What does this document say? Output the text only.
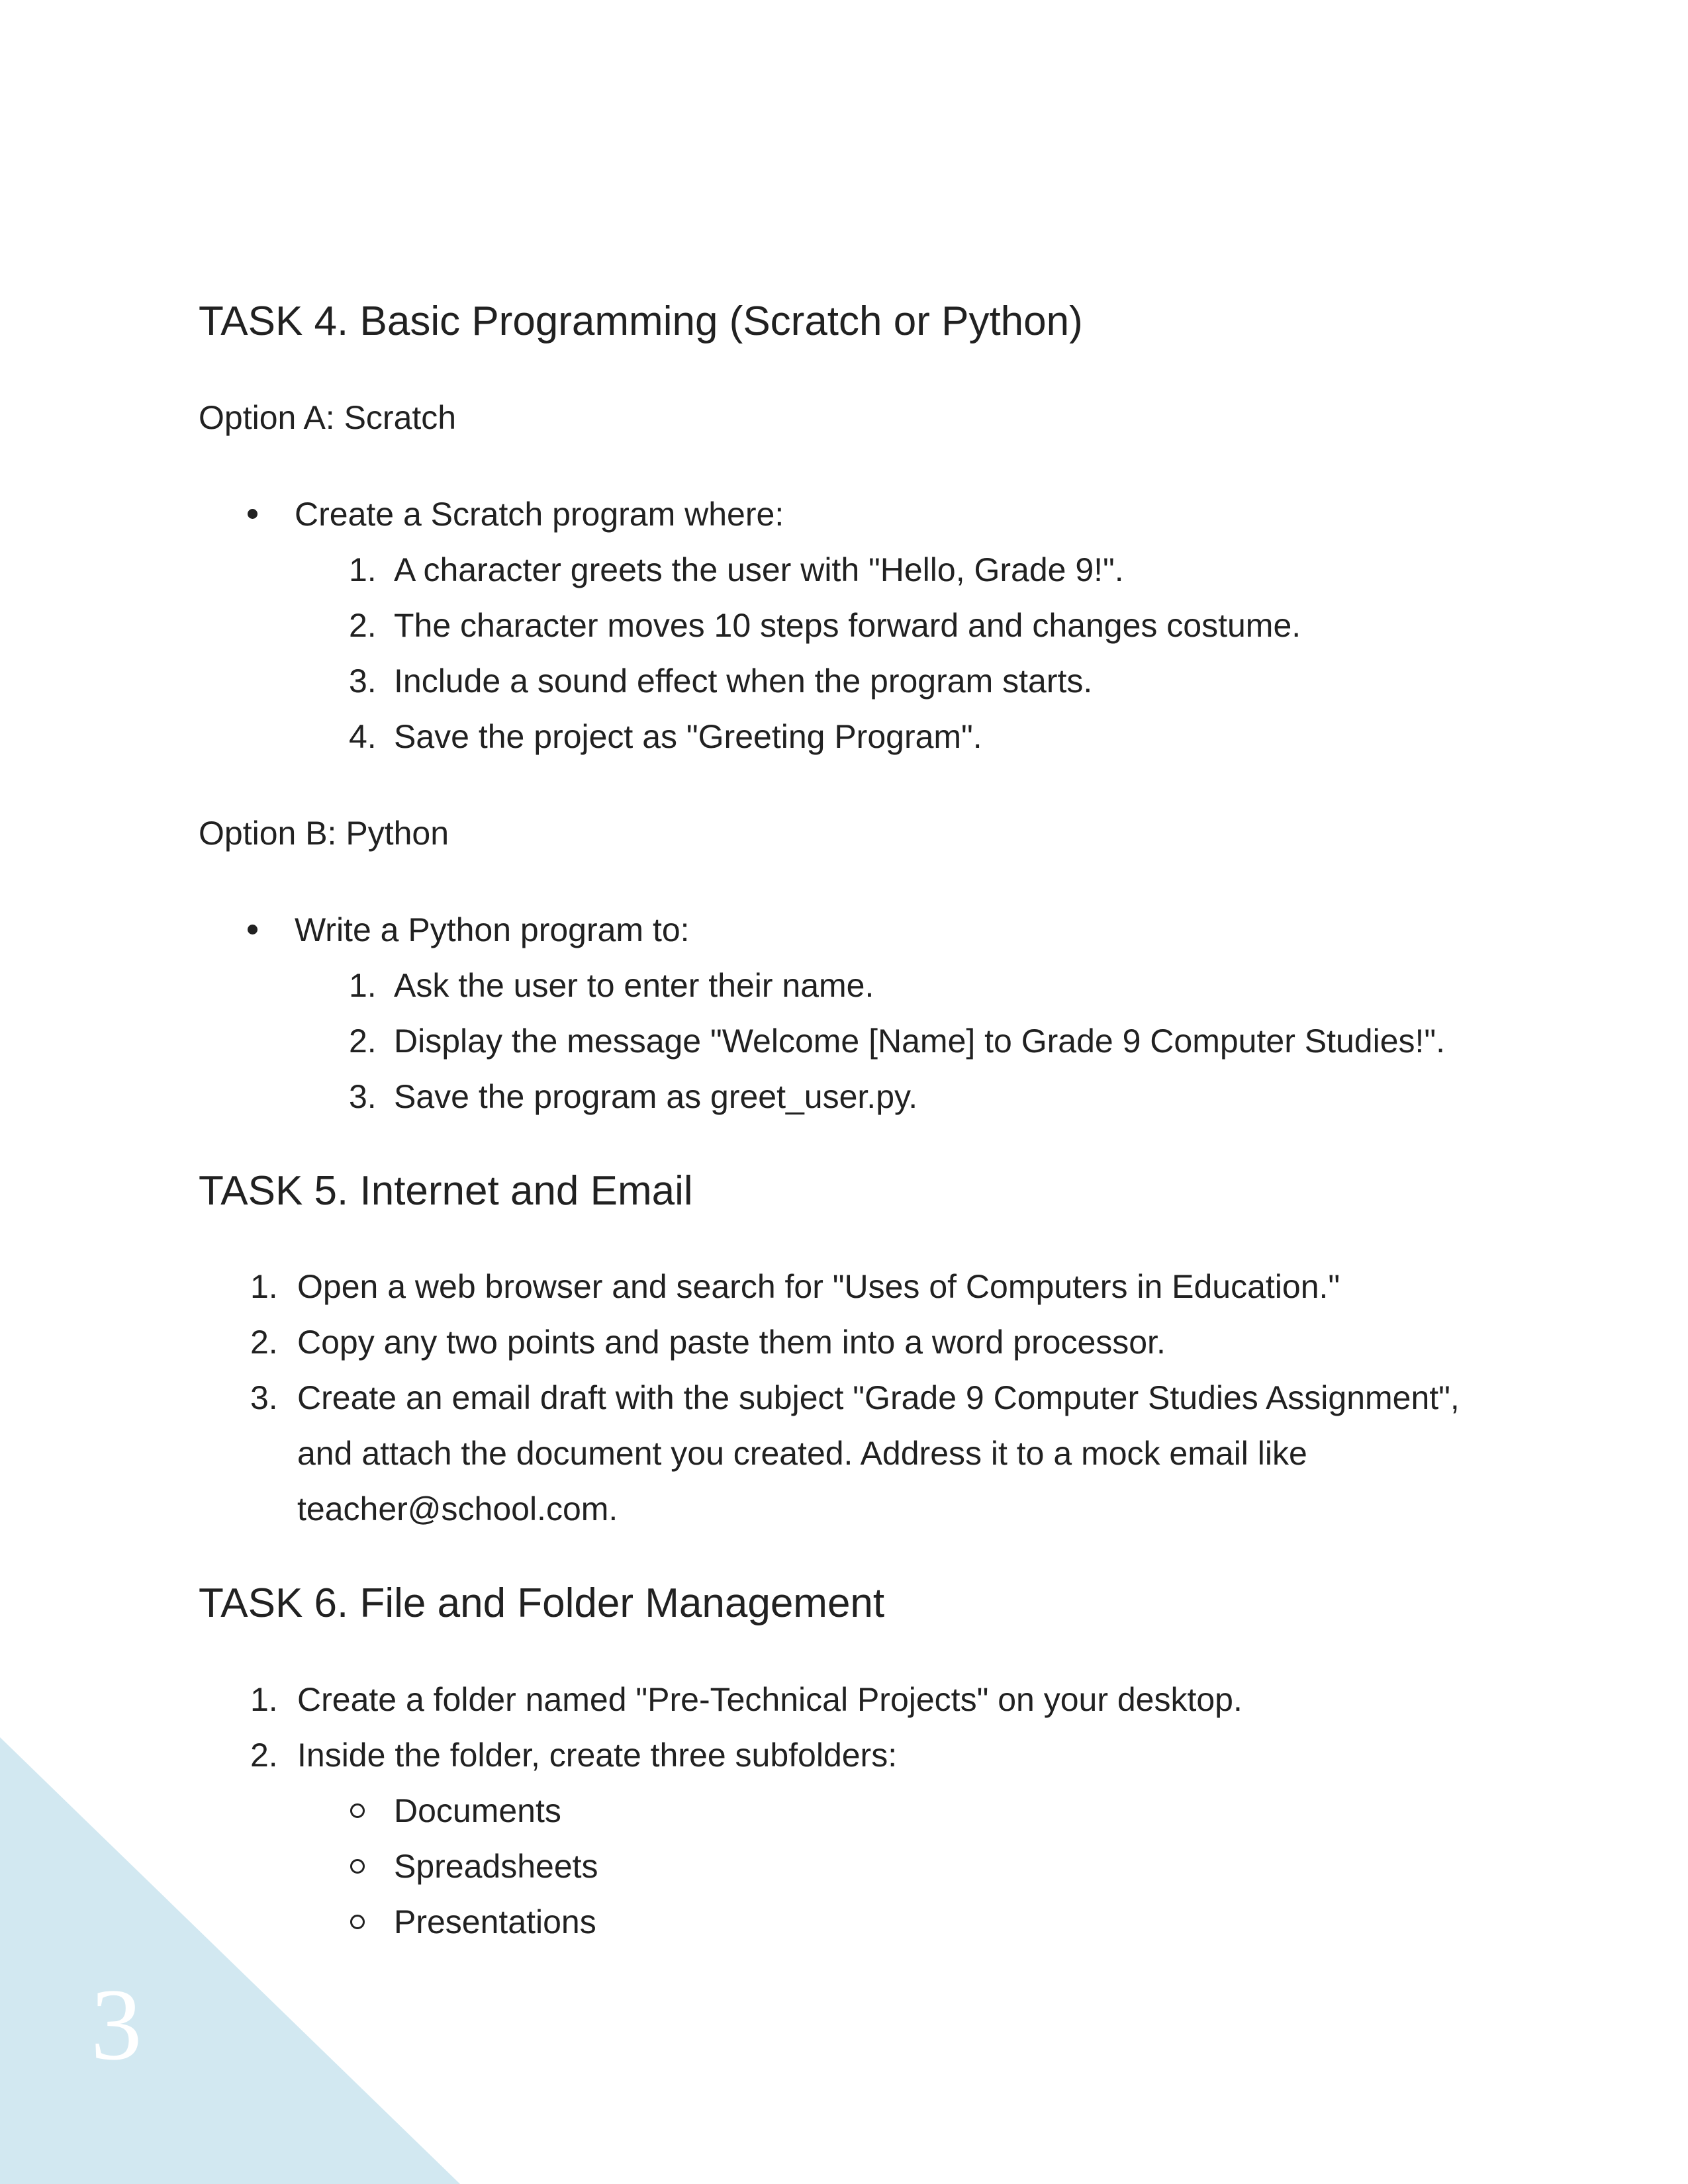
TASK 4. Basic Programming (Scratch or Python)

Option A: Scratch

Create a Scratch program where:
1. A character greets the user with "Hello, Grade 9!".
2. The character moves 10 steps forward and changes costume.
3. Include a sound effect when the program starts.
4. Save the project as "Greeting Program".

Option B: Python

Write a Python program to:
1. Ask the user to enter their name.
2. Display the message "Welcome [Name] to Grade 9 Computer Studies!".
3. Save the program as greet_user.py.
TASK 5. Internet and Email
1. Open a web browser and search for "Uses of Computers in Education."
2. Copy any two points and paste them into a word processor.
3. Create an email draft with the subject "Grade 9 Computer Studies Assignment", and attach the document you created. Address it to a mock email like teacher@school.com.
TASK 6. File and Folder Management
1. Create a folder named "Pre-Technical Projects" on your desktop.
2. Inside the folder, create three subfolders:
Documents
Spreadsheets
Presentations
3
